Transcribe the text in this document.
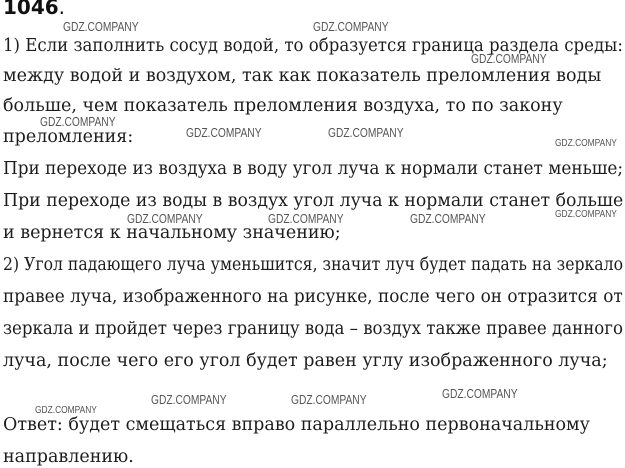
1046.
1) Если заполнить сосуд водой, то образуется граница раздела среды:
между водой и воздухом, так как показатель преломления воды
больше, чем показатель преломления воздуха, то по закону
преломления:
При переходе из воздуха в воду угол луча к нормали станет меньше;
При переходе из воды в воздух угол луча к нормали станет больше
и вернется к начальному значению;
2) Угол падающего луча уменьшится, значит луч будет падать на зеркало
правее луча, изображенного на рисунке, после чего он отразится от
зеркала и пройдет через границу вода – воздух также правее данного
луча, после чего его угол будет равен углу изображенного луча;
Ответ: будет смещаться вправо параллельно первоначальному
направлению.
GDZ.COMPANY	GDZ.COMPANY
GDZ.COMPANY
GDZ.COMPANY
GDZ.COMPANY	GDZ.COMPANY
GDZ.COMPANY
GDZ.COMPANY
GDZ.COMPANY	GDZ.COMPANY	GDZ.COMPANY
GDZ.COMPANY	GDZ.COMPANY	GDZ.COMPANY
GDZ.COMPANY
